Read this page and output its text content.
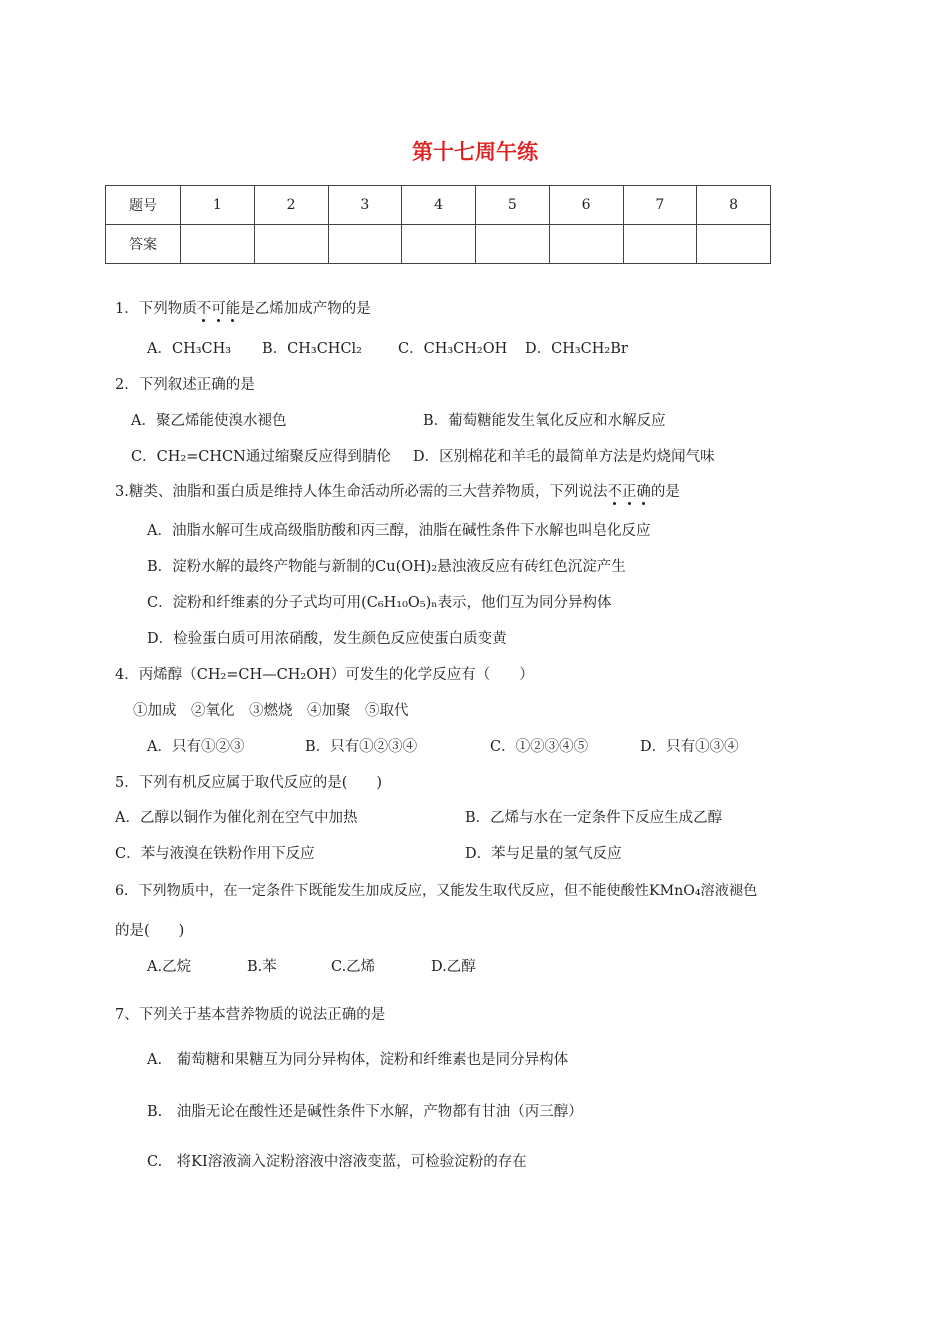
第十七周午练
题号	1	2	3	4	5	6	7	8
答案								
1．下列物质不可能是乙烯加成产物的是
A．CH₃CH₃ B．CH₃CHCl₂ C．CH₃CH₂OH D．CH₃CH₂Br
2．下列叙述正确的是
A．聚乙烯能使溴水褪色	B．葡萄糖能发生氧化反应和水解反应
C．CH₂=CHCN通过缩聚反应得到腈伦 D．区别棉花和羊毛的最简单方法是灼烧闻气味
3.糖类、油脂和蛋白质是维持人体生命活动所必需的三大营养物质，下列说法不正确的是
A．油脂水解可生成高级脂肪酸和丙三醇，油脂在碱性条件下水解也叫皂化反应
B．淀粉水解的最终产物能与新制的Cu(OH)₂悬浊液反应有砖红色沉淀产生
C．淀粉和纤维素的分子式均可用(C₆H₁₀O₅)ₙ表示，他们互为同分异构体
D．检验蛋白质可用浓硝酸，发生颜色反应使蛋白质变黄
4．丙烯醇（CH₂=CH—CH₂OH）可发生的化学反应有（　　）
①加成　②氧化　③燃烧　④加聚　⑤取代
A．只有①②③	B．只有①②③④	C．①②③④⑤	D．只有①③④
5．下列有机反应属于取代反应的是(　　)
A．乙醇以铜作为催化剂在空气中加热	B．乙烯与水在一定条件下反应生成乙醇
C．苯与液溴在铁粉作用下反应	D．苯与足量的氢气反应
6．下列物质中，在一定条件下既能发生加成反应，又能发生取代反应，但不能使酸性KMnO₄溶液褪色
的是(　　)
A.乙烷	B.苯	C.乙烯	D.乙醇
7、下列关于基本营养物质的说法正确的是
A.　葡萄糖和果糖互为同分异构体，淀粉和纤维素也是同分异构体
B.　油脂无论在酸性还是碱性条件下水解，产物都有甘油（丙三醇）
C.　将KI溶液滴入淀粉溶液中溶液变蓝，可检验淀粉的存在
